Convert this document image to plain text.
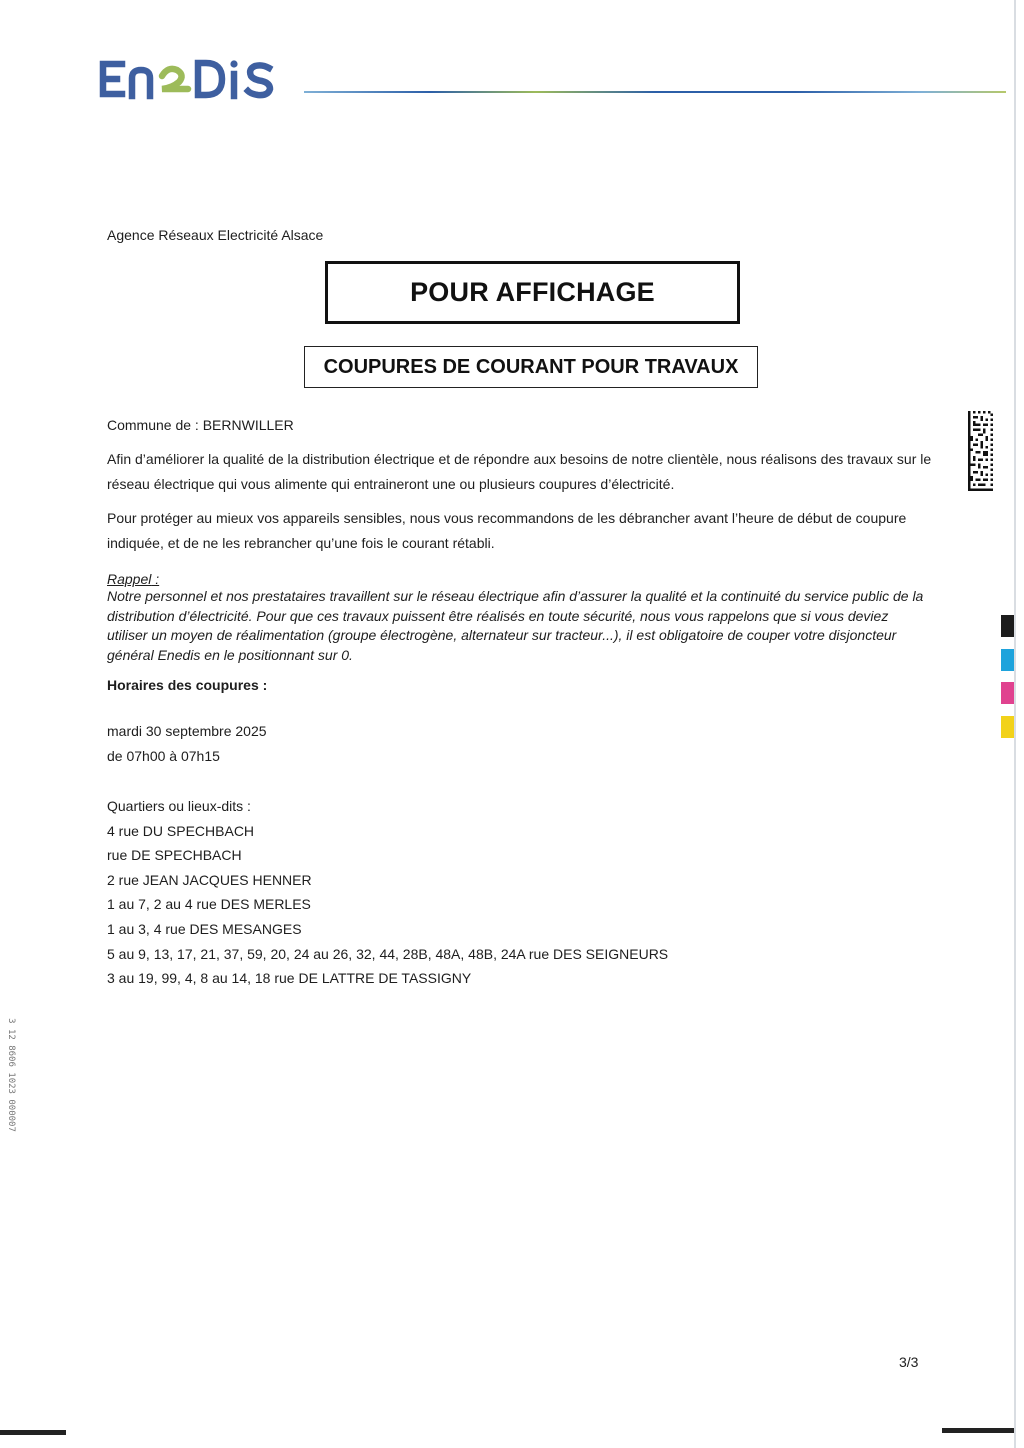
Agence Réseaux Electricité Alsace
POUR AFFICHAGE
COUPURES DE COURANT POUR TRAVAUX
Commune de : BERNWILLER
Afin d’améliorer la qualité de la distribution électrique et de répondre aux besoins de notre clientèle, nous réalisons des travaux sur le réseau électrique qui vous alimente qui entraineront une ou plusieurs coupures d’électricité.
Pour protéger au mieux vos appareils sensibles, nous vous recommandons de les débrancher avant l’heure de début de coupure indiquée, et de ne les rebrancher qu’une fois le courant rétabli.
Rappel :
Notre personnel et nos prestataires travaillent sur le réseau électrique afin d’assurer la qualité et la continuité du service public de la distribution d’électricité. Pour que ces travaux puissent être réalisés en toute sécurité, nous vous rappelons que si vous deviez utiliser un moyen de réalimentation (groupe électrogène, alternateur sur tracteur...), il est obligatoire de couper votre disjoncteur général Enedis en le positionnant sur 0.
Horaires des coupures :
mardi 30 septembre 2025
de 07h00 à 07h15
Quartiers ou lieux-dits :
4 rue DU SPECHBACH
rue DE SPECHBACH
2 rue JEAN JACQUES HENNER
1 au 7, 2 au 4 rue DES MERLES
1 au 3, 4 rue DES MESANGES
5 au 9, 13, 17, 21, 37, 59, 20, 24 au 26, 32, 44, 28B, 48A, 48B, 24A rue DES SEIGNEURS
3 au 19, 99, 4, 8 au 14, 18 rue DE LATTRE DE TASSIGNY
3/3
3 12 8606 1023 000007
